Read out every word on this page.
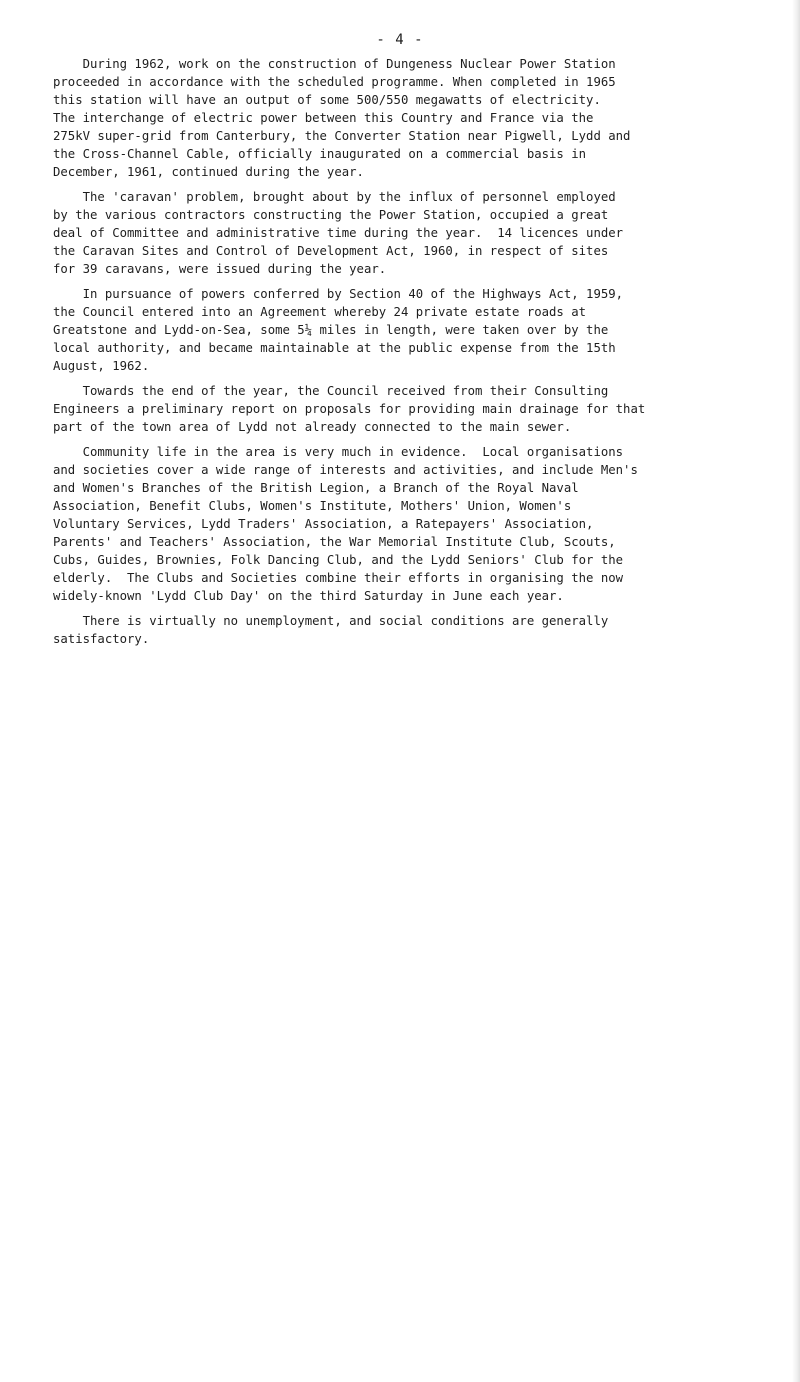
- 4 -

During 1962, work on the construction of Dungeness Nuclear Power Station
proceeded in accordance with the scheduled programme. When completed in 1965
this station will have an output of some 500/550 megawatts of electricity.
The interchange of electric power between this Country and France via the
275kV super-grid from Canterbury, the Converter Station near Pigwell, Lydd and
the Cross-Channel Cable, officially inaugurated on a commercial basis in
December, 1961, continued during the year.

The 'caravan' problem, brought about by the influx of personnel employed
by the various contractors constructing the Power Station, occupied a great
deal of Committee and administrative time during the year.  14 licences under
the Caravan Sites and Control of Development Act, 1960, in respect of sites
for 39 caravans, were issued during the year.

In pursuance of powers conferred by Section 40 of the Highways Act, 1959,
the Council entered into an Agreement whereby 24 private estate roads at
Greatstone and Lydd-on-Sea, some 5¼ miles in length, were taken over by the
local authority, and became maintainable at the public expense from the 15th
August, 1962.

Towards the end of the year, the Council received from their Consulting
Engineers a preliminary report on proposals for providing main drainage for that
part of the town area of Lydd not already connected to the main sewer.

Community life in the area is very much in evidence.  Local organisations
and societies cover a wide range of interests and activities, and include Men's
and Women's Branches of the British Legion, a Branch of the Royal Naval
Association, Benefit Clubs, Women's Institute, Mothers' Union, Women's
Voluntary Services, Lydd Traders' Association, a Ratepayers' Association,
Parents' and Teachers' Association, the War Memorial Institute Club, Scouts,
Cubs, Guides, Brownies, Folk Dancing Club, and the Lydd Seniors' Club for the
elderly.  The Clubs and Societies combine their efforts in organising the now
widely-known 'Lydd Club Day' on the third Saturday in June each year.

There is virtually no unemployment, and social conditions are generally
satisfactory.
